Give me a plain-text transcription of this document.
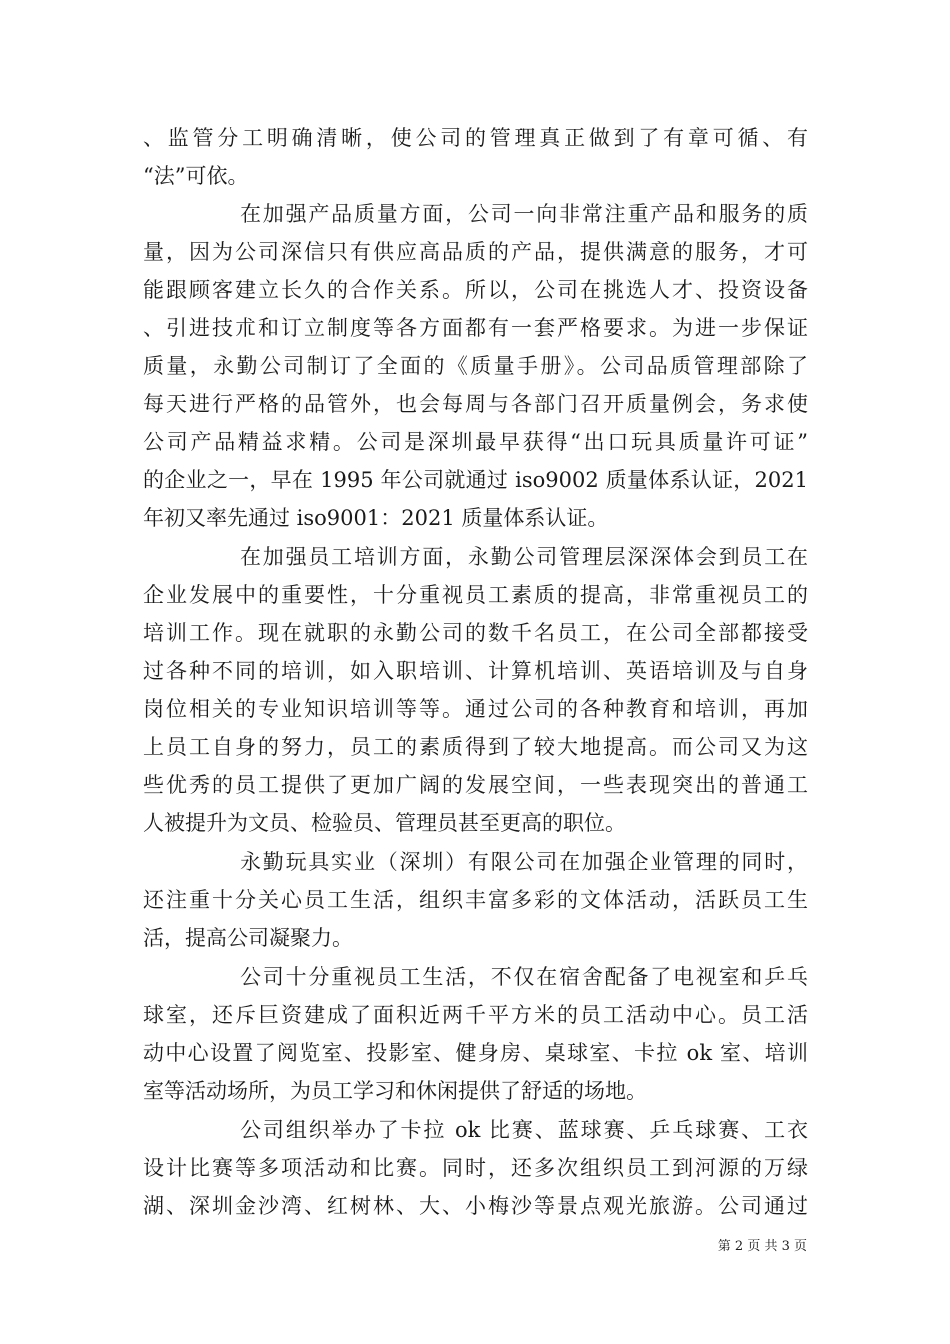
、监管分工明确清晰，使公司的管理真正做到了有章可循、有
“法”可依。
在加强产品质量方面，公司一向非常注重产品和服务的质
量，因为公司深信只有供应高品质的产品，提供满意的服务，才可
能跟顾客建立长久的合作关系。所以，公司在挑选人才、投资设备
、引进技朮和订立制度等各方面都有一套严格要求。为进一步保证
质量，永勤公司制订了全面的《质量手册》。公司品质管理部除了
每天进行严格的品管外，也会每周与各部门召开质量例会，务求使
公司产品精益求精。公司是深圳最早获得“出口玩具质量许可证”
的企业之一，早在 1995 年公司就通过 iso9002 质量体系认证，2021
年初又率先通过 iso9001：2021 质量体系认证。
在加强员工培训方面，永勤公司管理层深深体会到员工在
企业发展中的重要性，十分重视员工素质的提高，非常重视员工的
培训工作。现在就职的永勤公司的数千名员工，在公司全部都接受
过各种不同的培训，如入职培训、计算机培训、英语培训及与自身
岗位相关的专业知识培训等等。通过公司的各种教育和培训，再加
上员工自身的努力，员工的素质得到了较大地提高。而公司又为这
些优秀的员工提供了更加广阔的发展空间，一些表现突出的普通工
人被提升为文员、检验员、管理员甚至更高的职位。
永勤玩具实业（深圳）有限公司在加强企业管理的同时，
还注重十分关心员工生活，组织丰富多彩的文体活动，活跃员工生
活，提高公司凝聚力。
公司十分重视员工生活，不仅在宿舍配备了电视室和乒乓
球室，还斥巨资建成了面积近两千平方米的员工活动中心。员工活
动中心设置了阅览室、投影室、健身房、桌球室、卡拉 ok 室、培训
室等活动场所，为员工学习和休闲提供了舒适的场地。
公司组织举办了卡拉 ok 比赛、蓝球赛、乒乓球赛、工衣
设计比赛等多项活动和比赛。同时，还多次组织员工到河源的万绿
湖、深圳金沙湾、红树林、大、小梅沙等景点观光旅游。公司通过
第 2 页 共 3 页
